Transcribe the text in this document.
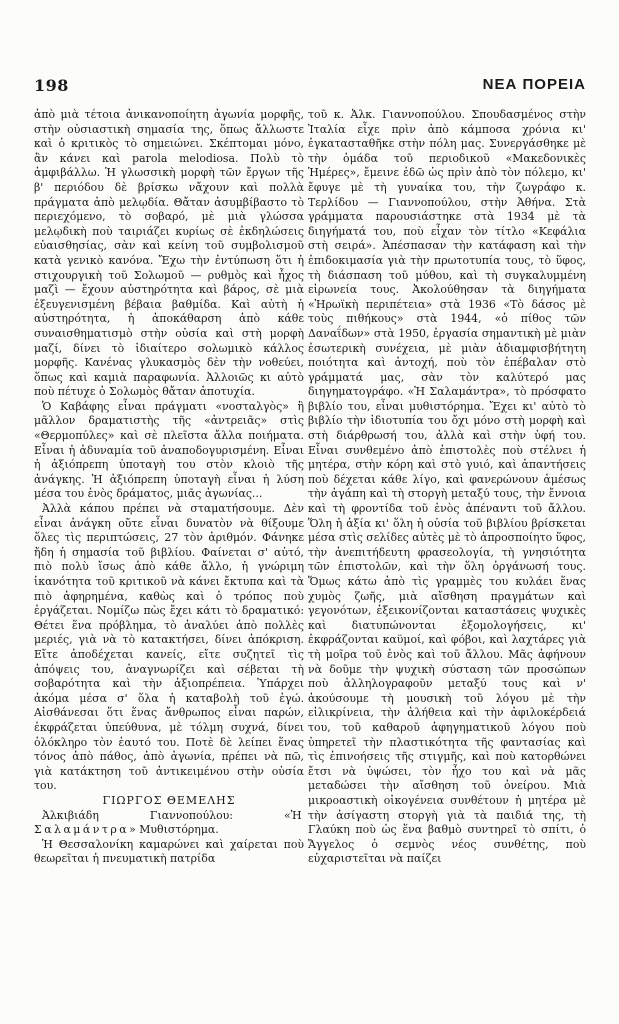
198	ΝΕΑ ΠΟΡΕΙΑ

ἀπὸ μιὰ τέτοια ἀνικανοποίητη ἀγωνία μορφῆς, στὴν οὐσιαστικὴ σημασία της, ὅπως ἄλλωστε καὶ ὁ κριτικὸς τὸ σημειώνει. Σκέπτομαι μόνο, ἂν κάνει καὶ parola melodiosa. Πολὺ τὸ ἀμφιβάλλω. Ἡ γλωσσικὴ μορφὴ τῶν ἔργων τῆς β' περιόδου δὲ βρίσκω νἄχουν καὶ πολλὰ πράγματα ἀπὸ μελῳδία. Θἄταν ἀσυμβίβαστο τὸ περιεχόμενο, τὸ σοβαρό, μὲ μιὰ γλώσσα μελῳδικὴ ποὺ ταιριάζει κυρίως σὲ ἐκδηλώσεις εὐαισθησίας, σὰν καὶ κείνη τοῦ συμβολισμοῦ κατὰ γενικὸ κανόνα. Ἔχω τὴν ἐντύπωση ὅτι ἡ στιχουργικὴ τοῦ Σολωμοῦ — ρυθμὸς καὶ ἦχος μαζὶ — ἔχουν αὐστηρότητα καὶ βάρος, σὲ μιὰ ἐξευγενισμένη βέβαια βαθμίδα. Καὶ αὐτὴ ἡ αὐστηρότητα, ἡ ἀποκάθαρση ἀπὸ κάθε συναισθηματισμὸ στὴν οὐσία καὶ στὴ μορφὴ μαζί, δίνει τὸ ἰδιαίτερο σολωμικὸ κάλλος μορφῆς. Κανένας γλυκασμὸς δὲν τὴν νοθεύει, ὅπως καὶ καμιὰ παραφωνία. Ἀλλοιῶς κι αὐτὸ ποὺ πέτυχε ὁ Σολωμὸς θἄταν ἀποτυχία.

Ὁ Καβάφης εἶναι πράγματι «νοσταλγὸς» ἢ μᾶλλον δραματιστὴς τῆς «ἀντρειᾶς» στὶς «Θερμοπύλες» καὶ σὲ πλεῖστα ἄλλα ποιήματα. Εἶναι ἡ ἀδυναμία τοῦ ἀναποδογυρισμένη. Εἶναι ἡ ἀξιόπρεπη ὑποταγὴ του στὸν κλοιὸ τῆς ἀνάγκης. Ἡ ἀξιόπρεπη ὑποταγὴ εἶναι ἡ λύση μέσα του ἑνὸς δράματος, μιᾶς ἀγωνίας...

Ἀλλὰ κάπου πρέπει νὰ σταματήσουμε. Δὲν εἶναι ἀνάγκη οὔτε εἶναι δυνατὸν νὰ θίξουμε ὅλες τὶς περιπτώσεις, 27 τὸν ἀριθμόν. Φάνηκε ἤδη ἡ σημασία τοῦ βιβλίου. Φαίνεται σ' αὐτό, πιὸ πολὺ ἴσως ἀπὸ κάθε ἄλλο, ἡ γνώριμη ἱκανότητα τοῦ κριτικοῦ νὰ κάνει ἔκτυπα καὶ τὰ πιὸ ἀφηρημένα, καθὼς καὶ ὁ τρόπος ποὺ ἐργάζεται. Νομίζω πὼς ἔχει κάτι τὸ δραματικό: Θέτει ἕνα πρόβλημα, τὸ ἀναλύει ἀπὸ πολλὲς μεριές, γιὰ νὰ τὸ κατακτήσει, δίνει ἀπόκριση. Εἴτε ἀποδέχεται κανείς, εἴτε συζητεῖ τὶς ἀπόψεις του, ἀναγνωρίζει καὶ σέβεται τὴ σοβαρότητα καὶ τὴν ἀξιοπρέπεια. Ὑπάρχει ἀκόμα μέσα σ' ὅλα ἡ καταβολὴ τοῦ ἐγώ. Αἰσθάνεσαι ὅτι ἕνας ἄνθρωπος εἶναι παρών, ἐκφράζεται ὑπεύθυνα, μὲ τόλμη συχνά, δίνει ὁλόκληρο τὸν ἑαυτό του. Ποτὲ δὲ λείπει ἕνας τόνος ἀπὸ πάθος, ἀπὸ ἀγωνία, πρέπει νὰ πῶ, γιὰ κατάκτηση τοῦ ἀντικειμένου στὴν οὐσία του.

ΓΙΩΡΓΟΣ ΘΕΜΕΛΗΣ

Ἀλκιβιάδη Γιαννοπούλου: «Ἡ Σαλαμάντρα» Μυθιστόρημα.

Ἡ Θεσσαλονίκη καμαρώνει καὶ χαίρεται ποὺ θεωρεῖται ἡ πνευματικὴ πατρίδα

τοῦ κ. Ἀλκ. Γιαννοπούλου. Σπουδασμένος στὴν Ἰταλία εἶχε πρὶν ἀπὸ κάμποσα χρόνια κι' ἐγκατασταθῆκε στὴν πόλη μας. Συνεργάσθηκε μὲ τὴν ὁμάδα τοῦ περιοδικοῦ «Μακεδονικὲς Ἡμέρες», ἔμεινε ἐδῶ ὡς πρὶν ἀπὸ τὸν πόλεμο, κι' ἔφυγε μὲ τὴ γυναίκα του, τὴν ζωγράφο κ. Τερλίδου — Γιαννοπούλου, στὴν Ἀθήνα. Στὰ γράμματα παρουσιάστηκε στὰ 1934 μὲ τὰ διηγήματά του, ποὺ εἶχαν τὸν τίτλο «Κεφάλια στὴ σειρά». Ἀπέσπασαν τὴν κατάφαση καὶ τὴν ἐπιδοκιμασία γιὰ τὴν πρωτοτυπία τους, τὸ ὕφος, τὴ διάσπαση τοῦ μύθου, καὶ τὴ συγκαλυμμένη εἰρωνεία τους. Ἀκολούθησαν τὰ διηγήματα «Ἡρωϊκὴ περιπέτεια» στὰ 1936 «Τὸ δάσος μὲ τοὺς πιθήκους» στὰ 1944, «ὁ πίθος τῶν Δαναΐδων» στὰ 1950, ἐργασία σημαντικὴ μὲ μιὰν ἐσωτερικὴ συνέχεια, μὲ μιὰν ἀδιαμφισβήτητη ποιότητα καὶ ἀντοχή, ποὺ τὸν ἐπέβαλαν στὸ γράμματά μας, σὰν τὸν καλύτερό μας διηγηματογράφο. «Ἡ Σαλαμάντρα», τὸ πρόσφατο βιβλίο του, εἶναι μυθιστόρημα. Ἔχει κι' αὐτὸ τὸ βιβλίο τὴν ἰδιοτυπία του ὄχι μόνο στὴ μορφὴ καὶ στὴ διάρθρωσή του, ἀλλὰ καὶ στὴν ὑφή του. Εἶναι συνθεμένο ἀπὸ ἐπιστολὲς ποὺ στέλνει ἡ μητέρα, στὴν κόρη καὶ στὸ γυιό, καὶ ἀπαντήσεις ποὺ δέχεται κάθε λίγο, καὶ φανερώνουν ἀμέσως τὴν ἀγάπη καὶ τὴ στοργὴ μεταξύ τους, τὴν ἔννοια καὶ τὴ φροντίδα τοῦ ἑνὸς ἀπέναντι τοῦ ἄλλου. Ὅλη ἡ ἀξία κι' ὅλη ἡ οὐσία τοῦ βιβλίου βρίσκεται μέσα στὶς σελίδες αὐτὲς μὲ τὸ ἀπροσποίητο ὕφος, τὴν ἀνεπιτήδευτη φρασεολογία, τὴ γνησιότητα τῶν ἐπιστολῶν, καὶ τὴν ὅλη ὀργάνωσή τους. Ὅμως κάτω ἀπὸ τὶς γραμμὲς του κυλάει ἕνας χυμὸς ζωῆς, μιὰ αἴσθηση πραγμάτων καὶ γεγονότων, ἐξεικονίζονται καταστάσεις ψυχικὲς καὶ διατυπώνονται ἐξομολογήσεις, κι' ἐκφράζονται καϋμοί, καὶ φόβοι, καὶ λαχτάρες γιὰ τὴ μοῖρα τοῦ ἑνὸς καὶ τοῦ ἄλλου. Μᾶς ἀφήνουν νὰ δοῦμε τὴν ψυχικὴ σύσταση τῶν προσώπων ποὺ ἀλληλογραφοῦν μεταξύ τους καὶ ν' ἀκούσουμε τὴ μουσικὴ τοῦ λόγου μὲ τὴν εἰλικρίνεια, τὴν ἀλήθεια καὶ τὴν ἀφιλοκέρδειά του, τοῦ καθαροῦ ἀφηγηματικοῦ λόγου ποὺ ὑπηρετεῖ τὴν πλαστικότητα τῆς φαντασίας καὶ τὶς ἐπινοήσεις τῆς στιγμῆς, καὶ ποὺ κατορθώνει ἔτσι νὰ ὑψώσει, τὸν ἦχο του καὶ νὰ μᾶς μεταδώσει τὴν αἴσθηση τοῦ ὀνείρου. Μιὰ μικροαστικὴ οἰκογένεια συνθέτουν ἡ μητέρα μὲ τὴν ἀσίγαστη στοργὴ γιὰ τὰ παιδιά της, τὴ Γλαύκη ποὺ ὡς ἕνα βαθμὸ συντηρεῖ τὸ σπίτι, ὁ Ἄγγελος ὁ σεμνὸς νέος συνθέτης, ποὺ εὐχαριστεῖται νὰ παίζει
